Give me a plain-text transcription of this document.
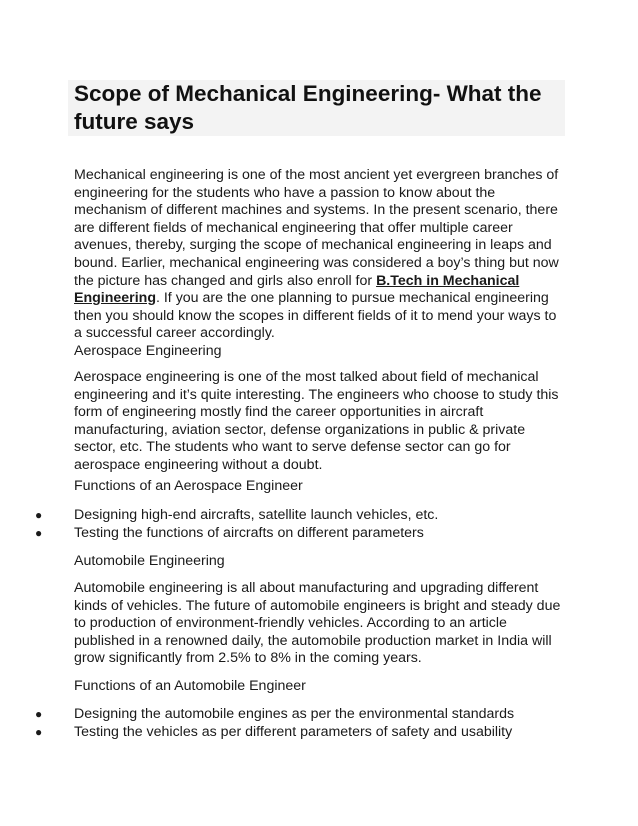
Scope of Mechanical Engineering- What the future says

Mechanical engineering is one of the most ancient yet evergreen branches of engineering for the students who have a passion to know about the mechanism of different machines and systems. In the present scenario, there are different fields of mechanical engineering that offer multiple career avenues, thereby, surging the scope of mechanical engineering in leaps and bound. Earlier, mechanical engineering was considered a boy’s thing but now the picture has changed and girls also enroll for B.Tech in Mechanical Engineering. If you are the one planning to pursue mechanical engineering then you should know the scopes in different fields of it to mend your ways to a successful career accordingly.

Aerospace Engineering

Aerospace engineering is one of the most talked about field of mechanical engineering and it’s quite interesting. The engineers who choose to study this form of engineering mostly find the career opportunities in aircraft manufacturing, aviation sector, defense organizations in public & private sector, etc. The students who want to serve defense sector can go for aerospace engineering without a doubt.

Functions of an Aerospace Engineer

● Designing high-end aircrafts, satellite launch vehicles, etc.
● Testing the functions of aircrafts on different parameters

Automobile Engineering

Automobile engineering is all about manufacturing and upgrading different kinds of vehicles. The future of automobile engineers is bright and steady due to production of environment-friendly vehicles. According to an article published in a renowned daily, the automobile production market in India will grow significantly from 2.5% to 8% in the coming years.

Functions of an Automobile Engineer

● Designing the automobile engines as per the environmental standards
● Testing the vehicles as per different parameters of safety and usability
